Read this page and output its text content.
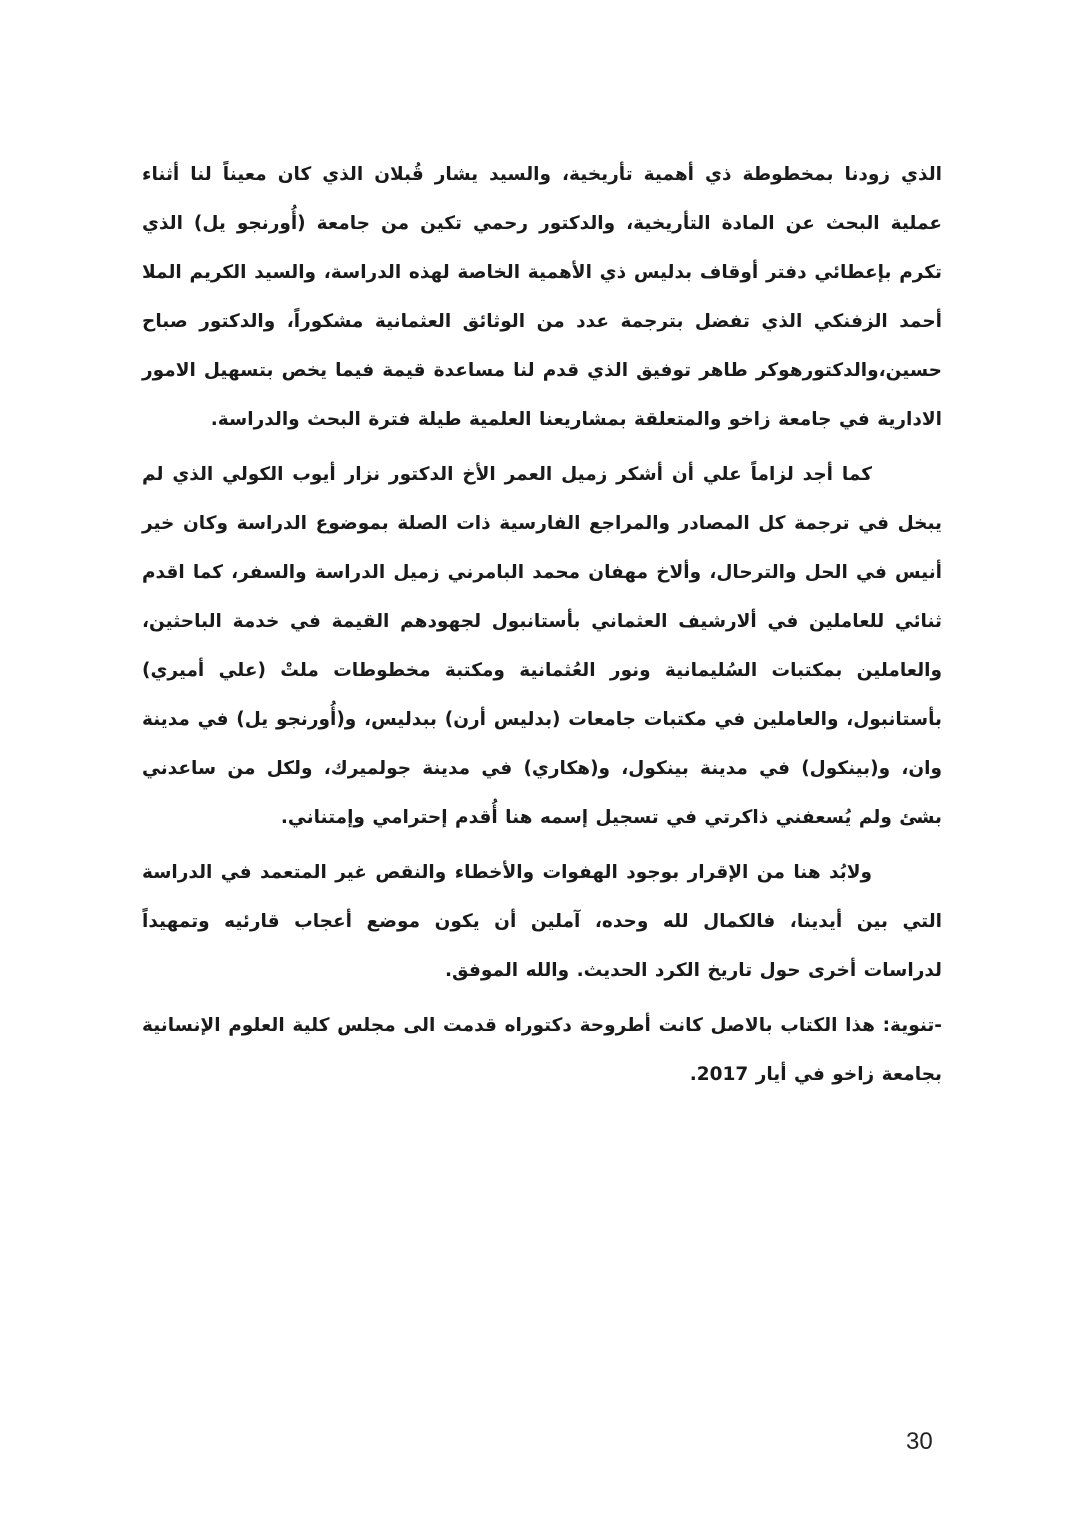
الذي زودنا بمخطوطة ذي أهمية تأريخية، والسيد يشار قُبلان الذي كان معيناً لنا أثناء عملية البحث عن المادة التأريخية، والدكتور رحمي تكين من جامعة (أُورنجو يل) الذي تكرم بإعطائي دفتر أوقاف بدليس ذي الأهمية الخاصة لهذه الدراسة، والسيد الكريم الملا أحمد الزفنكي الذي تفضل بترجمة عدد من الوثائق العثمانية مشكوراً، والدكتور صباح حسين،والدكتورهوكر طاهر توفيق الذي قدم لنا مساعدة قيمة فيما يخص بتسهيل الامور الادارية في جامعة زاخو والمتعلقة بمشاريعنا العلمية طيلة فترة البحث والدراسة.

كما أجد لزاماً علي أن أشكر زميل العمر الأخ الدكتور نزار أيوب الكولي الذي لم يبخل في ترجمة كل المصادر والمراجع الفارسية ذات الصلة بموضوع الدراسة وكان خير أنيس في الحل والترحال، وألاخ مهفان محمد البامرني زميل الدراسة والسفر، كما اقدم ثنائي للعاملين في ألارشيف العثماني بأستانبول لجهودهم القيمة في خدمة الباحثين، والعاملين بمكتبات السُليمانية ونور العُثمانية ومكتبة مخطوطات ملتْ (علي أميري) بأستانبول، والعاملين في مكتبات جامعات (بدليس أرن) ببدليس، و(أُورنجو يل) في مدينة وان، و(بينكول) في مدينة بينكول، و(هكاري) في مدينة جولميرك، ولكل من ساعدني بشئ ولم يُسعفني ذاكرتي في تسجيل إسمه هنا أُقدم إحترامي وإمتناني.

ولابُد هنا من الإقرار بوجود الهفوات والأخطاء والنقص غير المتعمد في الدراسة التي بين أيدينا، فالكمال لله وحده، آملين أن يكون موضع أعجاب قارئيه وتمهيداً لدراسات أخرى حول تاريخ الكرد الحديث. والله الموفق.

-تنوية: هذا الكتاب بالاصل كانت أطروحة دكتوراه قدمت الى مجلس كلية العلوم الإنسانية بجامعة زاخو في أيار 2017.

30
